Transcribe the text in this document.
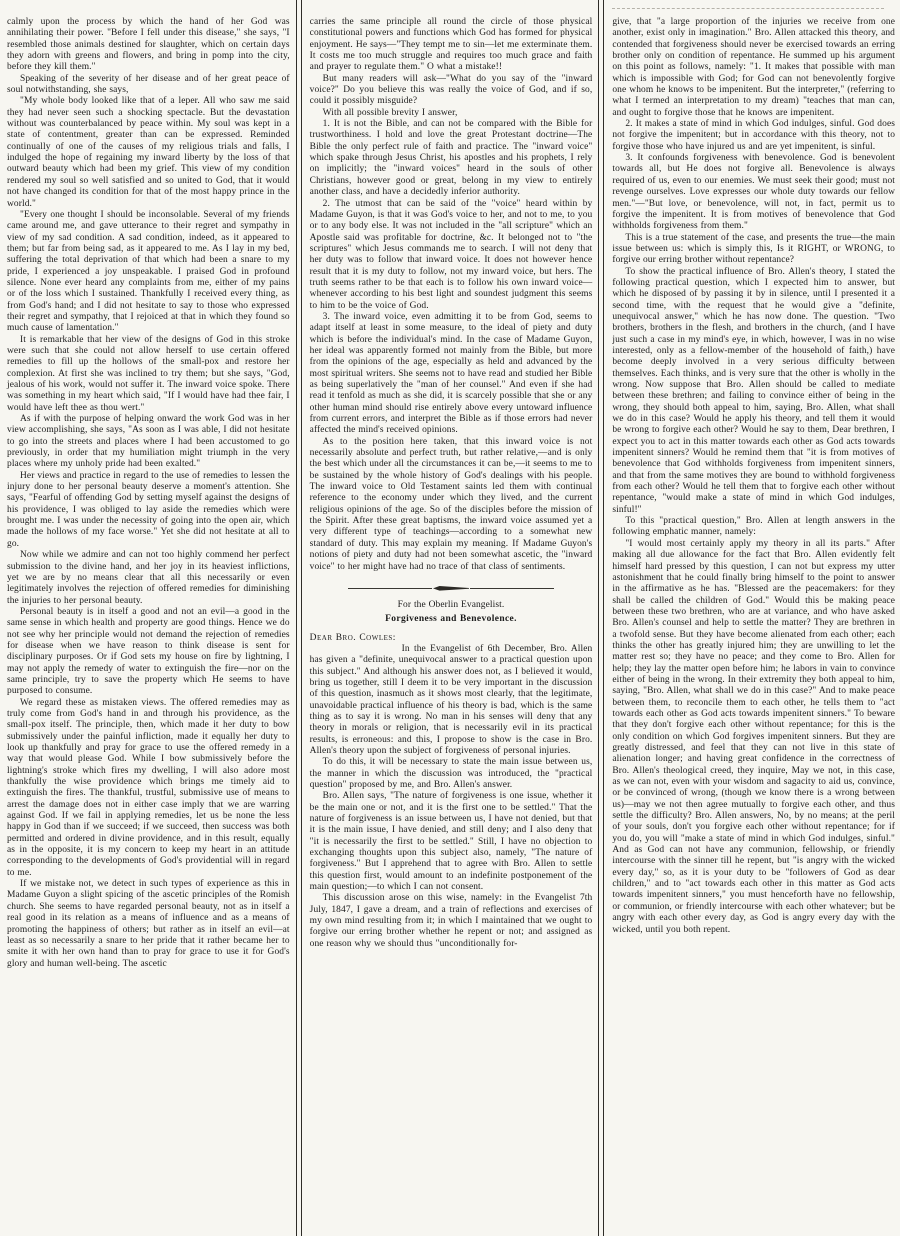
calmly upon the process by which the hand of her God was annihilating their power. "Before I fell under this disease," she says, "I resembled those animals destined for slaughter, which on certain days they adorn with greens and flowers, and bring in pomp into the city, before they kill them."

Speaking of the severity of her disease and of her great peace of soul notwithstanding, she says,

"My whole body looked like that of a leper. All who saw me said they had never seen such a shocking spectacle. But the devastation without was counterbalanced by peace within. My soul was kept in a state of contentment, greater than can be expressed. Reminded continually of one of the causes of my religious trials and falls, I indulged the hope of regaining my inward liberty by the loss of that outward beauty which had been my grief. This view of my condition rendered my soul so well satisfied and so united to God, that it would not have changed its condition for that of the most happy prince in the world."

"Every one thought I should be inconsolable. Several of my friends came around me, and gave utterance to their regret and sympathy in view of my sad condition. A sad condition, indeed, as it appeared to them; but far from being sad, as it appeared to me. As I lay in my bed, suffering the total deprivation of that which had been a snare to my pride, I experienced a joy unspeakable. I praised God in profound silence. None ever heard any complaints from me, either of my pains or of the loss which I sustained. Thankfully I received every thing, as from God's hand; and I did not hesitate to say to those who expressed their regret and sympathy, that I rejoiced at that in which they found so much cause of lamentation."

It is remarkable that her view of the designs of God in this stroke were such that she could not allow herself to use certain offered remedies to fill up the hollows of the small-pox and restore her complexion. At first she was inclined to try them; but she says, "God, jealous of his work, would not suffer it. The inward voice spoke. There was something in my heart which said, "If I would have had thee fair, I would have left thee as thou wert."

As if with the purpose of helping onward the work God was in her view accomplishing, she says, "As soon as I was able, I did not hesitate to go into the streets and places where I had been accustomed to go previously, in order that my humiliation might triumph in the very places where my unholy pride had been exalted."

Her views and practice in regard to the use of remedies to lessen the injury done to her personal beauty deserve a moment's attention. She says, "Fearful of offending God by setting myself against the designs of his providence, I was obliged to lay aside the remedies which were brought me. I was under the necessity of going into the open air, which made the hollows of my face worse." Yet she did not hesitate at all to go.

Now while we admire and can not too highly commend her perfect submission to the divine hand, and her joy in its heaviest inflictions, yet we are by no means clear that all this necessarily or even legitimately involves the rejection of offered remedies for diminishing the injuries to her personal beauty.

Personal beauty is in itself a good and not an evil—a good in the same sense in which health and property are good things. Hence we do not see why her principle would not demand the rejection of remedies for disease when we have reason to think disease is sent for disciplinary purposes. Or if God sets my house on fire by lightning, I may not apply the remedy of water to extinguish the fire—nor on the same principle, try to save the property which He seems to have purposed to consume.

We regard these as mistaken views. The offered remedies may as truly come from God's hand in and through his providence, as the small-pox itself. The principle, then, which made it her duty to bow submissively under the painful infliction, made it equally her duty to look up thankfully and pray for grace to use the offered remedy in a way that would please God. While I bow submissively before the lightning's stroke which fires my dwelling, I will also adore most thankfully the wise providence which brings me timely aid to extinguish the fires. The thankful, trustful, submissive use of means to arrest the damage does not in either case imply that we are warring against God. If we fail in applying remedies, let us be none the less happy in God than if we succeed; if we succeed, then success was both permitted and ordered in divine providence, and in this result, equally as in the opposite, it is my concern to keep my heart in an attitude corresponding to the developments of God's providential will in regard to me.

If we mistake not, we detect in such types of experience as this in Madame Guyon a slight spicing of the ascetic principles of the Romish church. She seems to have regarded personal beauty, not as in itself a real good in its relation as a means of influence and as a means of promoting the happiness of others; but rather as in itself an evil—at least as so necessarily a snare to her pride that it rather became her to smite it with her own hand than to pray for grace to use it for God's glory and human well-being. The ascetic

carries the same principle all round the circle of those physical constitutional powers and functions which God has formed for physical enjoyment. He says—"They tempt me to sin—let me exterminate them. It costs me too much struggle and requires too much grace and faith and prayer to regulate them." O what a mistake!!

But many readers will ask—"What do you say of the "inward voice?" Do you believe this was really the voice of God, and if so, could it possibly misguide?

With all possible brevity I answer,

1. It is not the Bible, and can not be compared with the Bible for trustworthiness. I hold and love the great Protestant doctrine—The Bible the only perfect rule of faith and practice. The "inward voice" which spake through Jesus Christ, his apostles and his prophets, I rely on implicitly; the "inward voices" heard in the souls of other Christians, however good or great, belong in my view to entirely another class, and have a decidedly inferior authority.

2. The utmost that can be said of the "voice" heard within by Madame Guyon, is that it was God's voice to her, and not to me, to you or to any body else. It was not included in the "all scripture" which an Apostle said was profitable for doctrine, &c. It belonged not to "the scriptures" which Jesus commands me to search. I will not deny that her duty was to follow that inward voice. It does not however hence result that it is my duty to follow, not my inward voice, but hers. The truth seems rather to be that each is to follow his own inward voice—whenever according to his best light and soundest judgment this seems to him to be the voice of God.

3. The inward voice, even admitting it to be from God, seems to adapt itself at least in some measure, to the ideal of piety and duty which is before the individual's mind. In the case of Madame Guyon, her ideal was apparently formed not mainly from the Bible, but more from the opinions of the age, especially as held and advanced by the most spiritual writers. She seems not to have read and studied her Bible as being superlatively the "man of her counsel." And even if she had read it tenfold as much as she did, it is scarcely possible that she or any other human mind should rise entirely above every untoward influence from current errors, and interpret the Bible as if those errors had never affected the mind's received opinions.

As to the position here taken, that this inward voice is not necessarily absolute and perfect truth, but rather relative,—and is only the best which under all the circumstances it can be,—it seems to me to be sustained by the whole history of God's dealings with his people. The inward voice to Old Testament saints led them with continual reference to the economy under which they lived, and the current religious opinions of the age. So of the disciples before the mission of the Spirit. After these great baptisms, the inward voice assumed yet a very different type of teachings—according to a somewhat new standard of duty. This may explain my meaning. If Madame Guyon's notions of piety and duty had not been somewhat ascetic, the "inward voice" to her might have had no trace of that class of sentiments.

For the Oberlin Evangelist.

Forgiveness and Benevolence.

Dear Bro. Cowles:

In the Evangelist of 6th December, Bro. Allen has given a "definite, unequivocal answer to a practical question upon this subject." And although his answer does not, as I believed it would, bring us together, still I deem it to be very important in the discussion of this question, inasmuch as it shows most clearly, that the legitimate, unavoidable practical influence of his theory is bad, which is the same thing as to say it is wrong. No man in his senses will deny that any theory in morals or religion, that is necessarily evil in its practical results, is erroneous: and this, I propose to show is the case in Bro. Allen's theory upon the subject of forgiveness of personal injuries.

To do this, it will be necessary to state the main issue between us, the manner in which the discussion was introduced, the "practical question" proposed by me, and Bro. Allen's answer.

Bro. Allen says, "The nature of forgiveness is one issue, whether it be the main one or not, and it is the first one to be settled." That the nature of forgiveness is an issue between us, I have not denied, but that it is the main issue, I have denied, and still deny; and I also deny that "it is necessarily the first to be settled." Still, I have no objection to exchanging thoughts upon this subject also, namely, "The nature of forgiveness." But I apprehend that to agree with Bro. Allen to settle this question first, would amount to an indefinite postponement of the main question;—to which I can not consent.

This discussion arose on this wise, namely: in the Evangelist 7th July, 1847, I gave a dream, and a train of reflections and exercises of my own mind resulting from it; in which I maintained that we ought to forgive our erring brother whether he repent or not; and assigned as one reason why we should thus "unconditionally for-

give, that "a large proportion of the injuries we receive from one another, exist only in imagination." Bro. Allen attacked this theory, and contended that forgiveness should never be exercised towards an erring brother only on condition of repentance. He summed up his argument on this point as follows, namely: "1. It makes that possible with man which is impossible with God; for God can not benevolently forgive one whom he knows to be impenitent. But the interpreter," (referring to what I termed an interpretation to my dream) "teaches that man can, and ought to forgive those that he knows are impenitent.

2. It makes a state of mind in which God indulges, sinful. God does not forgive the impenitent; but in accordance with this theory, not to forgive those who have injured us and are yet impenitent, is sinful.

3. It confounds forgiveness with benevolence. God is benevolent towards all, but He does not forgive all. Benevolence is always required of us, even to our enemies. We must seek their good; must not revenge ourselves. Love expresses our whole duty towards our fellow men."—"But love, or benevolence, will not, in fact, permit us to forgive the impenitent. It is from motives of benevolence that God withholds forgiveness from them."

This is a true statement of the case, and presents the true—the main issue between us: which is simply this, Is it RIGHT, or WRONG, to forgive our erring brother without repentance?

To show the practical influence of Bro. Allen's theory, I stated the following practical question, which I expected him to answer, but which he disposed of by passing it by in silence, until I presented it a second time, with the request that he would give a "definite, unequivocal answer," which he has now done. The question. "Two brothers, brothers in the flesh, and brothers in the church, (and I have just such a case in my mind's eye, in which, however, I was in no wise interested, only as a fellow-member of the household of faith,) have become deeply involved in a very serious difficulty between themselves. Each thinks, and is very sure that the other is wholly in the wrong. Now suppose that Bro. Allen should be called to mediate between these brethren; and failing to convince either of being in the wrong, they should both appeal to him, saying, Bro. Allen, what shall we do in this case? Would he apply his theory, and tell them it would be wrong to forgive each other? Would he say to them, Dear brethren, I expect you to act in this matter towards each other as God acts towards impenitent sinners? Would he remind them that "it is from motives of benevolence that God withholds forgiveness from impenitent sinners, and that from the same motives they are bound to withhold forgiveness from each other? Would he tell them that to forgive each other without repentance, "would make a state of mind in which God indulges, sinful!"

To this "practical question," Bro. Allen at length answers in the following emphatic manner, namely:

"I would most certainly apply my theory in all its parts." After making all due allowance for the fact that Bro. Allen evidently felt himself hard pressed by this question, I can not but express my utter astonishment that he could finally bring himself to the point to answer in the affirmative as he has. "Blessed are the peacemakers: for they shall be called the children of God." Would this be making peace between these two brethren, who are at variance, and who have asked Bro. Allen's counsel and help to settle the matter? They are brethren in a twofold sense. But they have become alienated from each other; each thinks the other has greatly injured him; they are unwilling to let the matter rest so; they have no peace; and they come to Bro. Allen for help; they lay the matter open before him; he labors in vain to convince either of being in the wrong. In their extremity they both appeal to him, saying, "Bro. Allen, what shall we do in this case?" And to make peace between them, to reconcile them to each other, he tells them to "act towards each other as God acts towards impenitent sinners." To beware that they don't forgive each other without repentance; for this is the only condition on which God forgives impenitent sinners. But they are greatly distressed, and feel that they can not live in this state of alienation longer; and having great confidence in the correctness of Bro. Allen's theological creed, they inquire, May we not, in this case, as we can not, even with your wisdom and sagacity to aid us, convince, or be convinced of wrong, (though we know there is a wrong between us)—may we not then agree mutually to forgive each other, and thus settle the difficulty? Bro. Allen answers, No, by no means; at the peril of your souls, don't you forgive each other without repentance; for if you do, you will "make a state of mind in which God indulges, sinful." And as God can not have any communion, fellowship, or friendly intercourse with the sinner till he repent, but "is angry with the wicked every day," so, as it is your duty to be "followers of God as dear children," and to "act towards each other in this matter as God acts towards impenitent sinners," you must henceforth have no fellowship, or communion, or friendly intercourse with each other whatever; but be angry with each other every day, as God is angry every day with the wicked, until you both repent.
